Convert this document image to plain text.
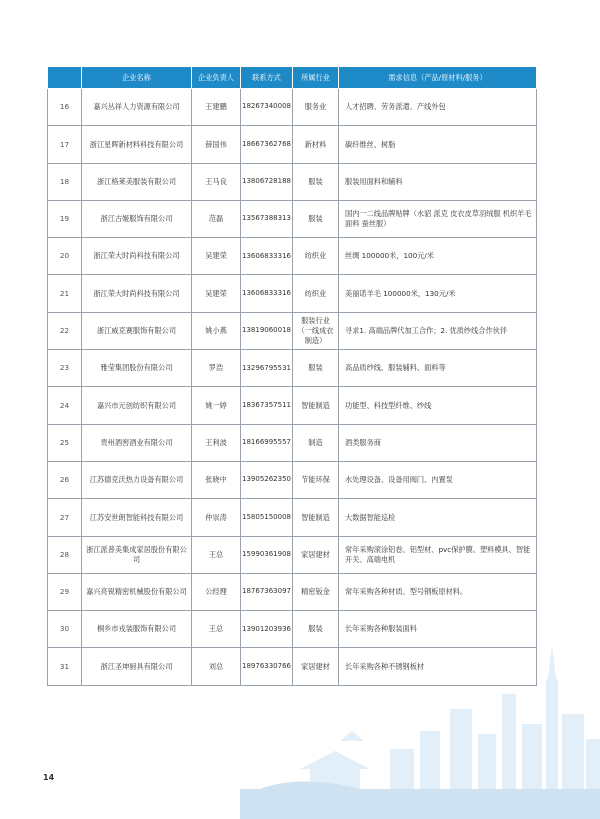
	企业名称	企业负责人	联系方式	所属行业	需求信息（产品/原材料/服务）
16	嘉兴丛祥人力资源有限公司	王建鹏	18267340008	服务业	人才招聘、劳务派遣、产线外包
17	浙江星晖新材料科技有限公司	薛国伟	18667362768	新材料	碳纤维丝、树脂
18	浙江格莱美服装有限公司	王马良	13806728188	服装	服装用面料和辅料
19	浙江古姬服饰有限公司	范磊	13567388313	服装	国内一二线品牌贴牌（水貂 派克 皮衣皮草羽绒服 机织羊毛面料 蚕丝服）
20	浙江荣大时尚科技有限公司	吴建荣	13606833316	纺织业	丝绸 100000米，100元/米
21	浙江荣大时尚科技有限公司	吴建荣	13606833316	纺织业	美丽诺羊毛 100000米，130元/米
22	浙江威克赛服饰有限公司	姚小燕	13819060018	服装行业（一线成衣制造）	寻求1. 高端品牌代加工合作；2. 优质纱线合作伙伴
23	雅莹集团股份有限公司	罗浩	13296795531	服装	高品质纱线、服装辅料、面料等
24	嘉兴市元创纺织有限公司	姚一婷	18367357511	智能制造	功能型、科技型纤维、纱线
25	贵州酒窖酒业有限公司	王利波	18166995557	制造	酒类服务商
26	江苏德克沃热力设备有限公司	张晓中	13905262350	节能环保	水处理设备、设备用阀门、内置泵
27	江苏安世朗智能科技有限公司	仲崇涛	15805150008	智能制造	大数据智能巡检
28	浙江派普美集成家居股份有限公司	王总	15990361908	家居建材	常年采购滚涂铝卷、铝型材、pvc保护膜、塑料模具、智能开关、高端电机
29	嘉兴亮锐精密机械股份有限公司	公经理	18767363097	精密钣金	常年采购各种材质、型号钢板原材料。
30	桐乡市戎装服饰有限公司	王总	13901203936	服装	长年采购各种服装面料
31	浙江圣坤厨具有限公司	刘总	18976330766	家居建材	长年采购各种不锈钢板材
14
